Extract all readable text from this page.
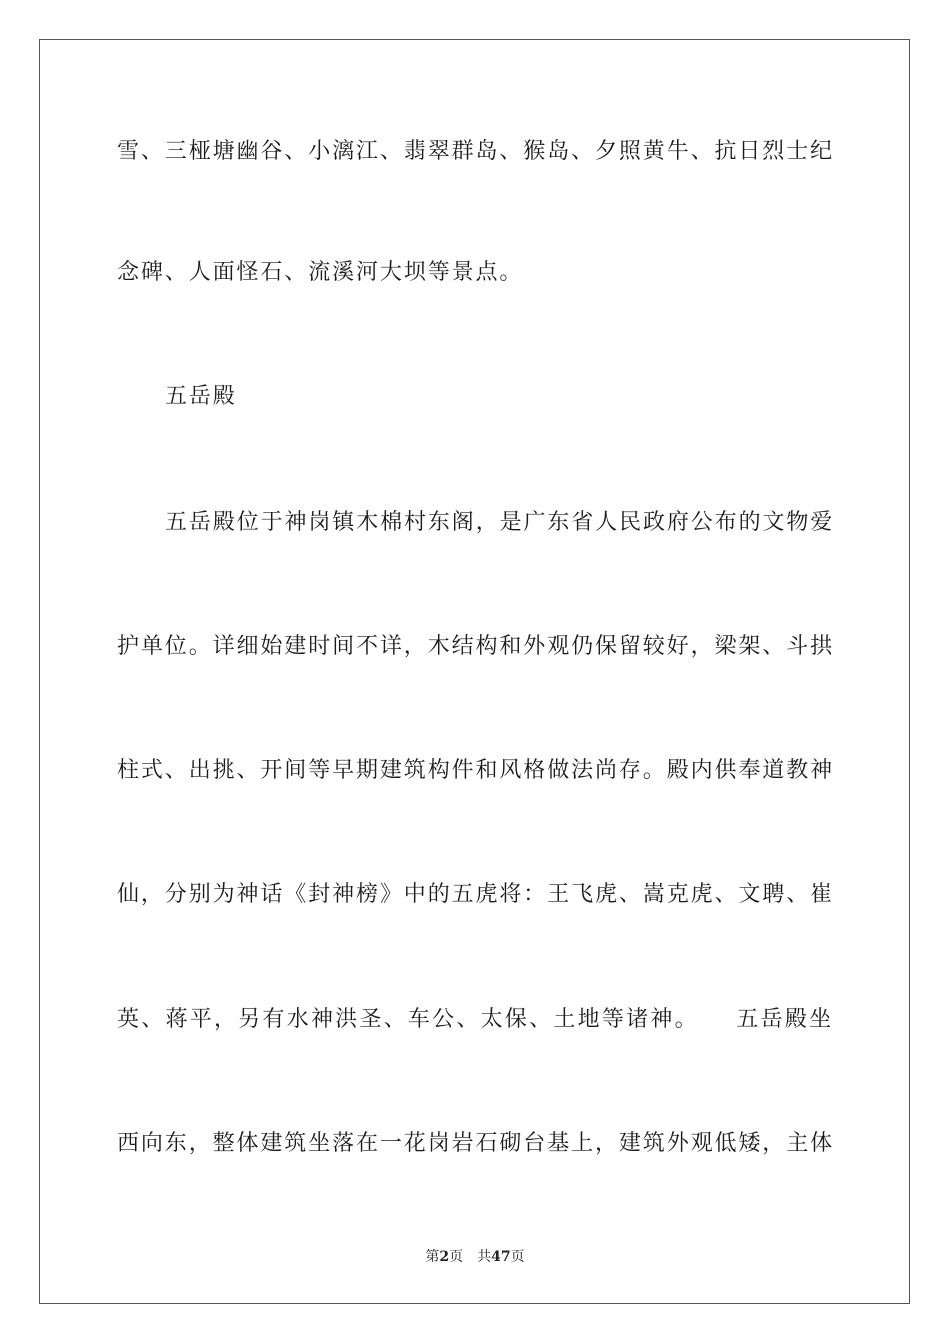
雪、三桠塘幽谷、小漓江、翡翠群岛、猴岛、夕照黄牛、抗日烈士纪
念碑、人面怪石、流溪河大坝等景点。
五岳殿
五岳殿位于神岗镇木棉村东阁，是广东省人民政府公布的文物爱
护单位。详细始建时间不详，木结构和外观仍保留较好，梁架、斗拱
柱式、出挑、开间等早期建筑构件和风格做法尚存。殿内供奉道教神
仙，分别为神话《封神榜》中的五虎将：王飞虎、嵩克虎、文聘、崔
英、蒋平，另有水神洪圣、车公、太保、土地等诸神。　　五岳殿坐
西向东，整体建筑坐落在一花岗岩石砌台基上，建筑外观低矮，主体
第2页 共47页
